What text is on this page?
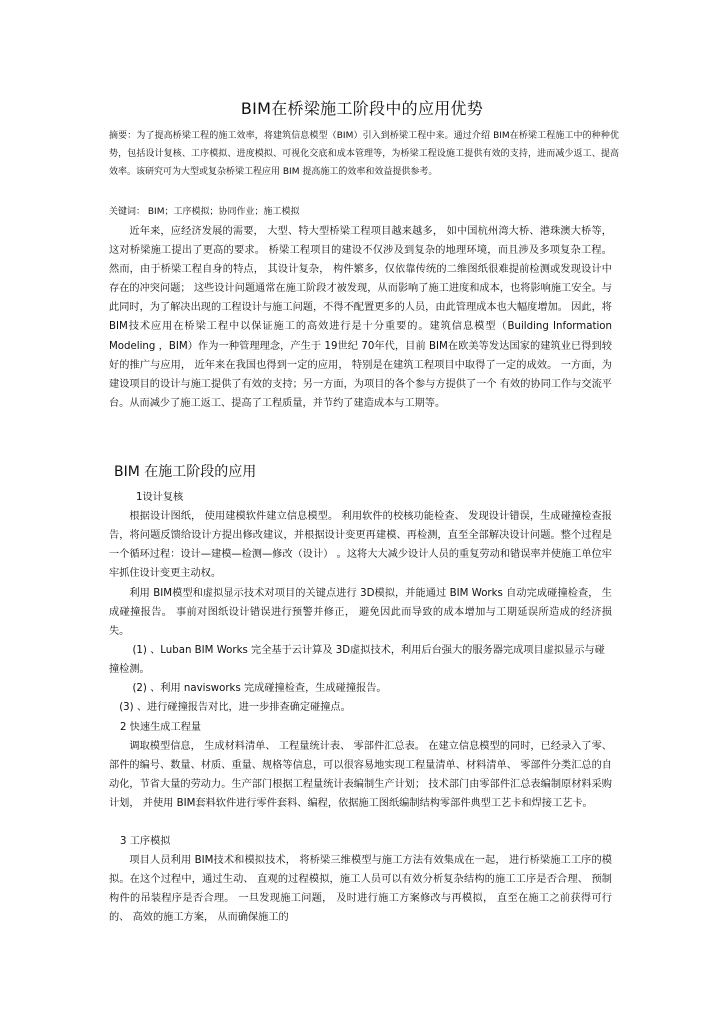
BIM在桥梁施工阶段中的应用优势
摘要：为了提高桥梁工程的施工效率，将建筑信息模型（BIM）引入到桥梁工程中来。通过介绍 BIM在桥梁工程施工中的种种优势，包括设计复核、工序模拟、进度模拟、可视化交底和成本管理等，为桥梁工程设施工提供有效的支持，进而减少返工、提高效率。该研究可为大型或复杂桥梁工程应用 BIM 提高施工的效率和效益提供参考。
关键词： BIM；工序模拟；协同作业；施工模拟
近年来，应经济发展的需要， 大型、特大型桥梁工程项目越来越多， 如中国杭州湾大桥、港珠澳大桥等， 这对桥梁施工提出了更高的要求。 桥梁工程项目的建设不仅涉及到复杂的地理环境，而且涉及多项复杂工程。 然而，由于桥梁工程自身的特点， 其设计复杂， 构件繁多，仅依靠传统的二维图纸很难提前检测或发现设计中存在的冲突问题； 这些设计问题通常在施工阶段才被发现，从而影响了施工进度和成本，也将影响施工安全。与此同时，为了解决出现的工程设计与施工问题，不得不配置更多的人员，由此管理成本也大幅度增加。 因此，将BIM技术应用在桥梁工程中以保证施工的高效进行是十分重要的。建筑信息模型（Building Information Modeling ，BIM）作为一种管理理念，产生于 19世纪 70年代，目前 BIM在欧美等发达国家的建筑业已得到较好的推广与应用， 近年来在我国也得到一定的应用， 特别是在建筑工程项目中取得了一定的成效。 一方面，为建设项目的设计与施工提供了有效的支持；另一方面，为项目的各个参与方提供了一个 有效的协同工作与交流平台。从而减少了施工返工、提高了工程质量，并节约了建造成本与工期等。
BIM 在施工阶段的应用
1设计复核
根据设计图纸， 使用建模软件建立信息模型。 利用软件的校核功能检查、 发现设计错误，生成碰撞检查报告，将问题反馈给设计方提出修改建议，并根据设计变更再建模、再检测，直至全部解决设计问题。整个过程是一个循环过程：设计—建模—检测—修改（设计） 。这将大大减少设计人员的重复劳动和错误率并使施工单位牢牢抓住设计变更主动权。
利用 BIM模型和虚拟显示技术对项目的关键点进行 3D模拟，并能通过 BIM Works 自动完成碰撞检查， 生成碰撞报告。 事前对图纸设计错误进行预警并修正， 避免因此而导致的成本增加与工期延误所造成的经济损失。
(1) 、Luban BIM Works 完全基于云计算及 3D虚拟技术，利用后台强大的服务器完成项目虚拟显示与碰撞检测。
(2) 、利用 navisworks 完成碰撞检查，生成碰撞报告。
(3) 、进行碰撞报告对比，进一步排查确定碰撞点。
2 快速生成工程量
调取模型信息， 生成材料清单、 工程量统计表、 零部件汇总表。 在建立信息模型的同时，已经录入了零、部件的编号、数量、材质、重量、规格等信息，可以很容易地实现工程量清单、材料清单、 零部件分类汇总的自动化，节省大量的劳动力。生产部门根据工程量统计表编制生产计划； 技术部门由零部件汇总表编制原材料采购计划， 并使用 BIM套料软件进行零件套料、编程，依据施工图纸编制结构零部件典型工艺卡和焊接工艺卡。
3 工序模拟
项目人员利用 BIM技术和模拟技术， 将桥梁三维模型与施工方法有效集成在一起， 进行桥梁施工工序的模拟。在这个过程中，通过生动、 直观的过程模拟，施工人员可以有效分析复杂结构的施工工序是否合理、 预制构件的吊装程序是否合理。 一旦发现施工问题， 及时进行施工方案修改与再模拟， 直至在施工之前获得可行的、 高效的施工方案， 从而确保施工的
